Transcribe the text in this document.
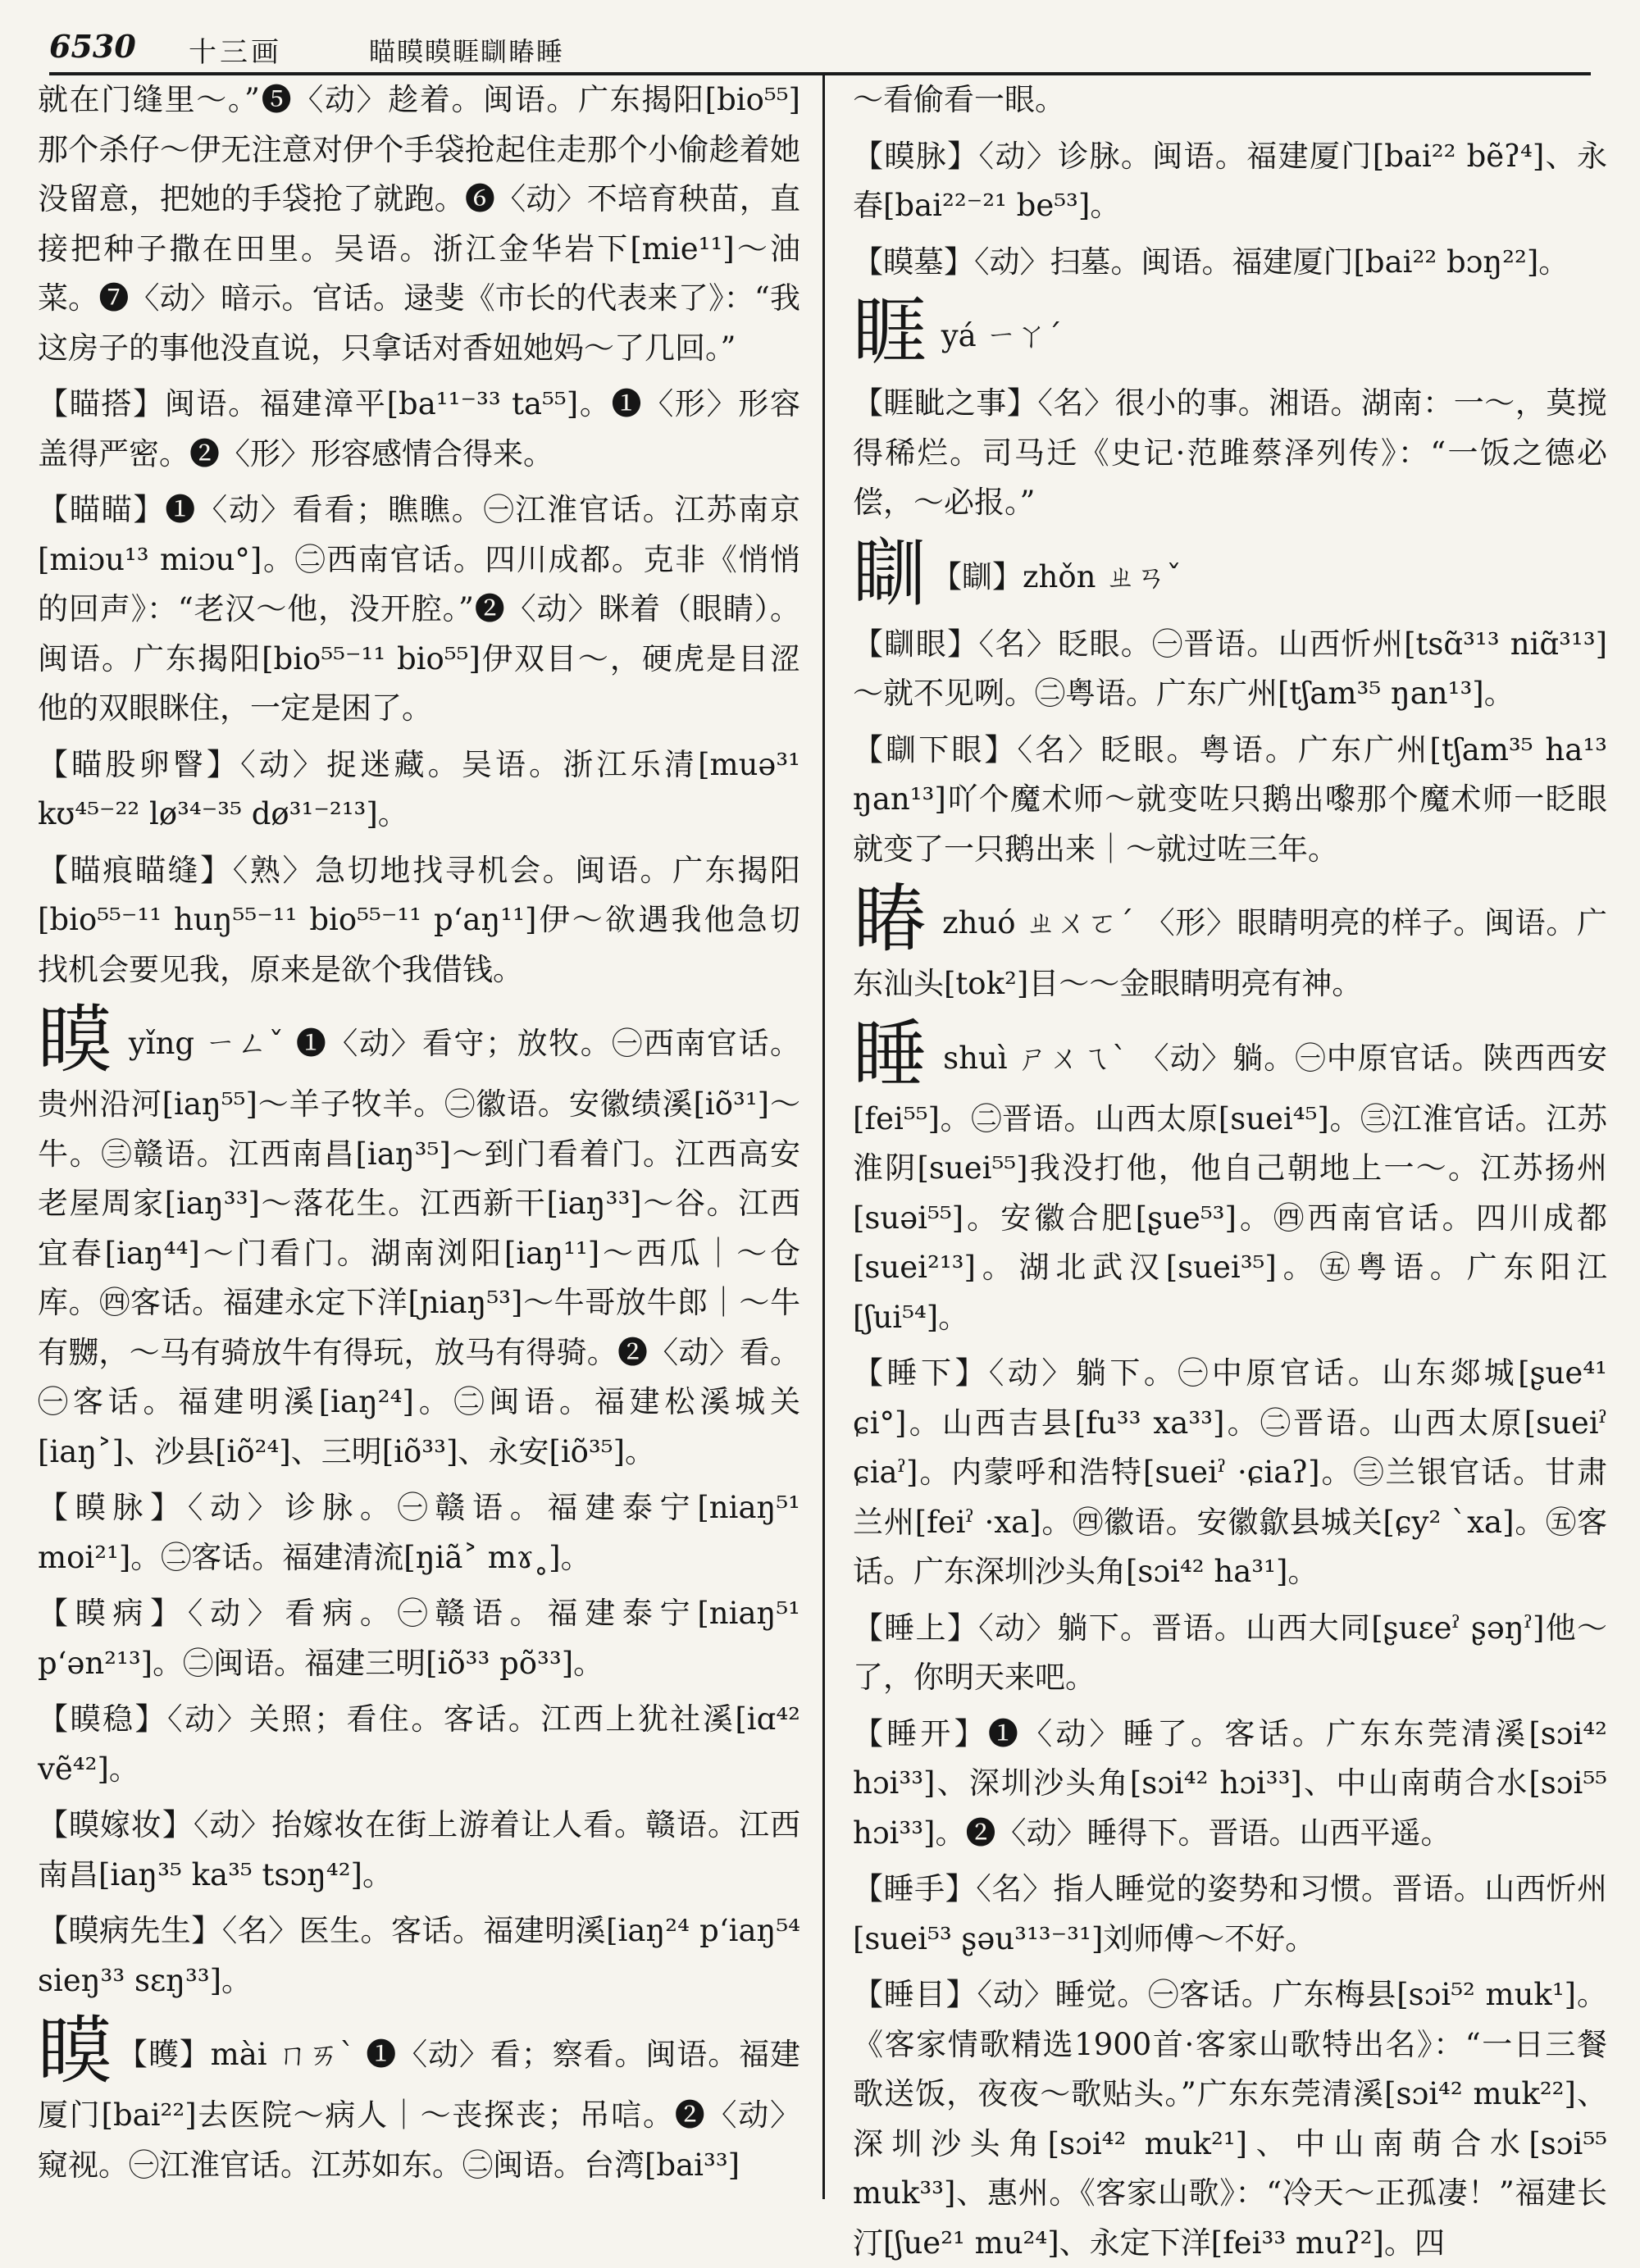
6530 十三画	瞄瞙瞙睚瞓睶睡
就在门缝里～。”❺〈动〉趁着。闽语。广东揭阳[bio⁵⁵]那个杀仔～伊无注意对伊个手袋抢起住走那个小偷趁着她没留意，把她的手袋抢了就跑。❻〈动〉不培育秧苗，直接把种子撒在田里。吴语。浙江金华岩下[mie¹¹]～油菜。❼〈动〉暗示。官话。逯斐《市长的代表来了》：“我这房子的事他没直说，只拿话对香妞她妈～了几回。”
【瞄搭】闽语。福建漳平[ba¹¹⁻³³ ta⁵⁵]。❶〈形〉形容盖得严密。❷〈形〉形容感情合得来。
【瞄瞄】❶〈动〉看看；瞧瞧。㊀江淮官话。江苏南京[miɔu¹³ miɔu°]。㊁西南官话。四川成都。克非《悄悄的回声》：“老汉～他，没开腔。”❷〈动〉眯着（眼睛）。闽语。广东揭阳[bio⁵⁵⁻¹¹ bio⁵⁵]伊双目～，硬虎是目涩他的双眼眯住，一定是困了。
【瞄股卵瞖】〈动〉捉迷藏。吴语。浙江乐清[muə³¹ kʊ⁴⁵⁻²² lø³⁴⁻³⁵ dø³¹⁻²¹³]。
【瞄痕瞄缝】〈熟〉急切地找寻机会。闽语。广东揭阳[bio⁵⁵⁻¹¹ huŋ⁵⁵⁻¹¹ bio⁵⁵⁻¹¹ pʻaŋ¹¹]伊～欲遇我他急切找机会要见我，原来是欲个我借钱。
瞙 yǐng ㄧㄥˇ ❶〈动〉看守；放牧。㊀西南官话。贵州沿河[iaŋ⁵⁵]～羊子牧羊。㊁徽语。安徽绩溪[iõ³¹]～牛。㊂赣语。江西南昌[iaŋ³⁵]～到门看着门。江西高安老屋周家[iaŋ³³]～落花生。江西新干[iaŋ³³]～谷。江西宜春[iaŋ⁴⁴]～门看门。湖南浏阳[iaŋ¹¹]～西瓜｜～仓库。㊃客话。福建永定下洋[ɲiaŋ⁵³]～牛哥放牛郎｜～牛有嬲，～马有骑放牛有得玩，放马有得骑。❷〈动〉看。㊀客话。福建明溪[iaŋ²⁴]。㊁闽语。福建松溪城关[iaŋ˃]、沙县[iõ²⁴]、三明[iõ³³]、永安[iõ³⁵]。
【瞙脉】〈动〉诊脉。㊀赣语。福建泰宁[niaŋ⁵¹ moi²¹]。㊁客话。福建清流[ŋiã˃ mɤ˳]。
【瞙病】〈动〉看病。㊀赣语。福建泰宁[niaŋ⁵¹ pʻən²¹³]。㊁闽语。福建三明[iõ³³ põ³³]。
【瞙稳】〈动〉关照；看住。客话。江西上犹社溪[iɑ⁴² vẽ⁴²]。
【瞙嫁妆】〈动〉抬嫁妆在街上游着让人看。赣语。江西南昌[iaŋ³⁵ ka³⁵ tsɔŋ⁴²]。
【瞙病先生】〈名〉医生。客话。福建明溪[iaŋ²⁴ pʻiaŋ⁵⁴ sieŋ³³ sɛŋ³³]。
瞙 【矆】mài ㄇㄞˋ ❶〈动〉看；察看。闽语。福建厦门[bai²²]去医院～病人｜～丧探丧；吊唁。❷〈动〉窥视。㊀江淮官话。江苏如东。㊁闽语。台湾[bai³³]
～看偷看一眼。
【瞙脉】〈动〉诊脉。闽语。福建厦门[bai²² bẽʔ⁴]、永春[bai²²⁻²¹ be⁵³]。
【瞙墓】〈动〉扫墓。闽语。福建厦门[bai²² bɔŋ²²]。
睚 yá ㄧㄚˊ
【睚眦之事】〈名〉很小的事。湘语。湖南：一～，莫搅得稀烂。司马迁《史记·范雎蔡泽列传》：“一饭之德必偿，～必报。”
瞓 【瞓】zhǒn ㄓㄢˇ
【瞓眼】〈名〉眨眼。㊀晋语。山西忻州[tsɑ̃³¹³ niɑ̃³¹³]～就不见咧。㊁粤语。广东广州[tʃam³⁵ ŋan¹³]。
【瞓下眼】〈名〉眨眼。粤语。广东广州[tʃam³⁵ ha¹³ ŋan¹³]吖个魔术师～就变咗只鹅出嚟那个魔术师一眨眼就变了一只鹅出来｜～就过咗三年。
睶 zhuó ㄓㄨㄛˊ 〈形〉眼睛明亮的样子。闽语。广东汕头[tok²]目～～金眼睛明亮有神。
睡 shuì ㄕㄨㄟˋ 〈动〉躺。㊀中原官话。陕西西安[fei⁵⁵]。㊁晋语。山西太原[suei⁴⁵]。㊂江淮官话。江苏淮阴[suei⁵⁵]我没打他，他自己朝地上一～。江苏扬州[suəi⁵⁵]。安徽合肥[ʂue⁵³]。㊃西南官话。四川成都[suei²¹³]。湖北武汉[suei³⁵]。㊄粤语。广东阳江[ʃui⁵⁴]。
【睡下】〈动〉躺下。㊀中原官话。山东郯城[ʂue⁴¹ ɕi°]。山西吉县[fu³³ xa³³]。㊁晋语。山西太原[sueiˀ ɕiaˀ]。内蒙呼和浩特[sueiˀ ·ɕiaʔ]。㊂兰银官话。甘肃兰州[feiˀ ·xa]。㊃徽语。安徽歙县城关[ɕy² ˋxa]。㊄客话。广东深圳沙头角[sɔi⁴² ha³¹]。
【睡上】〈动〉躺下。晋语。山西大同[ʂuɛeˀ ʂəŋˀ]他～了，你明天来吧。
【睡开】❶〈动〉睡了。客话。广东东莞清溪[sɔi⁴² hɔi³³]、深圳沙头角[sɔi⁴² hɔi³³]、中山南萌合水[sɔi⁵⁵ hɔi³³]。❷〈动〉睡得下。晋语。山西平遥。
【睡手】〈名〉指人睡觉的姿势和习惯。晋语。山西忻州[suei⁵³ ʂəu³¹³⁻³¹]刘师傅～不好。
【睡目】〈动〉睡觉。㊀客话。广东梅县[sɔi⁵² muk¹]。《客家情歌精选1900首·客家山歌特出名》：“一日三餐歌送饭，夜夜～歌贴头。”广东东莞清溪[sɔi⁴² muk²²]、深圳沙头角[sɔi⁴² muk²¹]、中山南萌合水[sɔi⁵⁵ muk³³]、惠州。《客家山歌》：“冷天～正孤凄！”福建长汀[ʃue²¹ mu²⁴]、永定下洋[fei³³ muʔ²]。四
